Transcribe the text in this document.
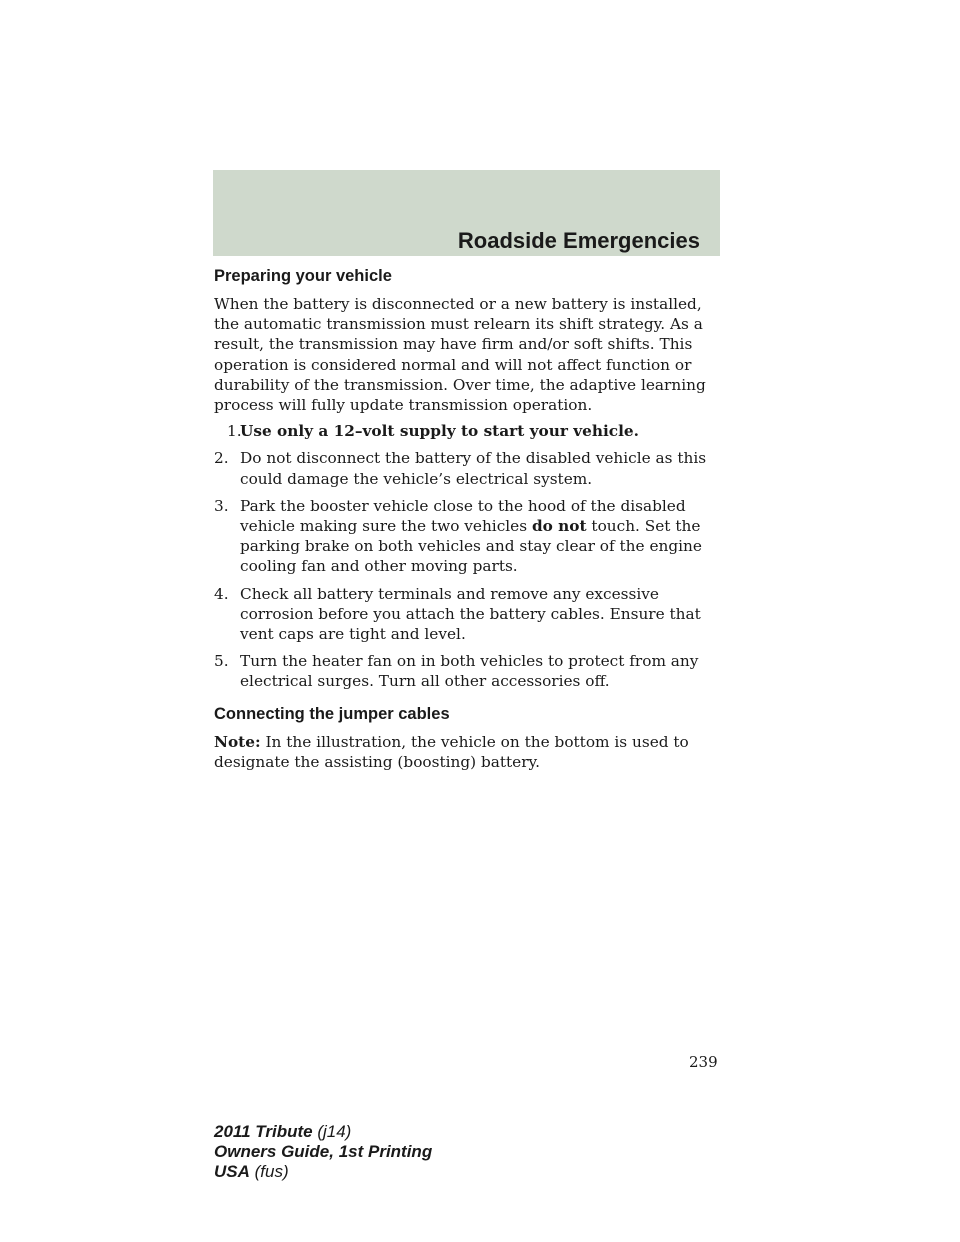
Roadside Emergencies
Preparing your vehicle

When the battery is disconnected or a new battery is installed, the automatic transmission must relearn its shift strategy. As a result, the transmission may have firm and/or soft shifts. This operation is considered normal and will not affect function or durability of the transmission. Over time, the adaptive learning process will fully update transmission operation.

1.
Use only a 12–volt supply to start your vehicle.
2. Do not disconnect the battery of the disabled vehicle as this could damage the vehicle’s electrical system.
3. Park the booster vehicle close to the hood of the disabled vehicle making sure the two vehicles do not touch. Set the parking brake on both vehicles and stay clear of the engine cooling fan and other moving parts.
4. Check all battery terminals and remove any excessive corrosion before you attach the battery cables. Ensure that vent caps are tight and level.
5. Turn the heater fan on in both vehicles to protect from any electrical surges. Turn all other accessories off.
Connecting the jumper cables

Note: In the illustration, the vehicle on the bottom is used to designate the assisting (boosting) battery.

239
2011 Tribute (j14)
Owners Guide, 1st Printing
USA (fus)
